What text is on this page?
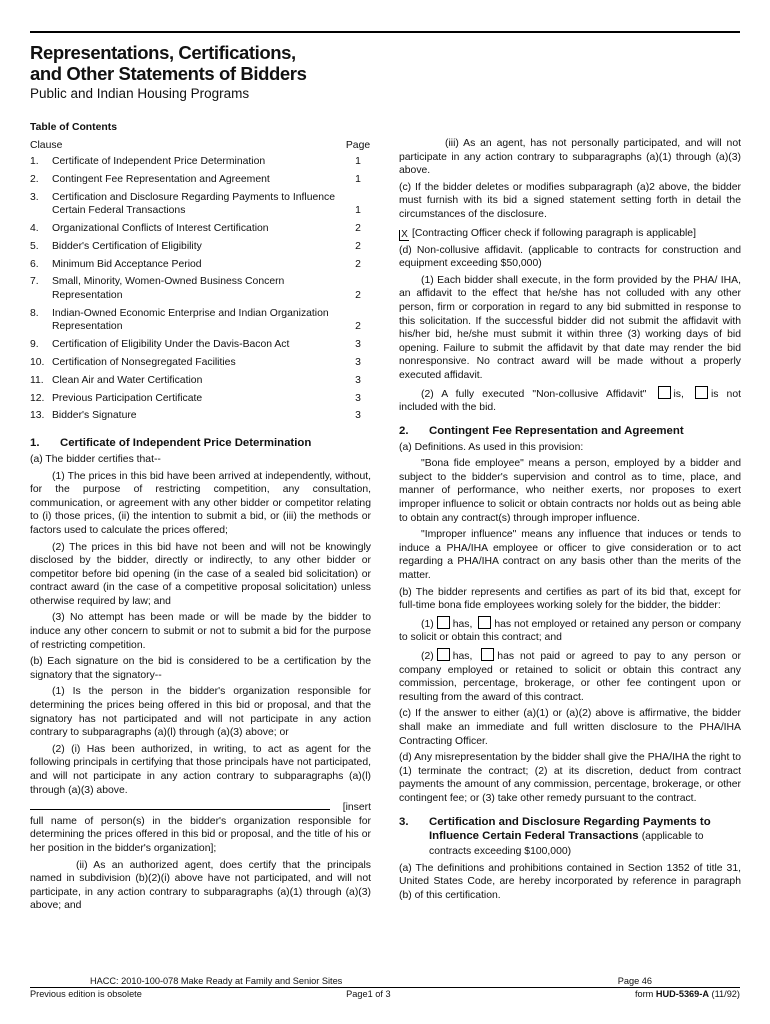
Representations, Certifications,
and Other Statements of Bidders
Public and Indian Housing Programs
Table of Contents
Clause	Page
1.	Certificate of Independent Price Determination	1
2.	Contingent Fee Representation and Agreement	1
3.	Certification and Disclosure Regarding Payments to Influence Certain Federal Transactions	1
4.	Organizational Conflicts of Interest Certification	2
5.	Bidder's Certification of Eligibility	2
6.	Minimum Bid Acceptance Period	2
7.	Small, Minority, Women-Owned Business Concern Representation	2
8.	Indian-Owned Economic Enterprise and Indian Organization Representation	2
9.	Certification of Eligibility Under the Davis-Bacon Act	3
10. Certification of Nonsegregated Facilities	3
11. Clean Air and Water Certification	3
12. Previous Participation Certificate	3
13. Bidder's Signature	3
1.	Certificate of Independent Price Determination

(a) The bidder certifies that--

(1) The prices in this bid have been arrived at independently, without, for the purpose of restricting competition, any consultation, communication, or agreement with any other bidder or competitor relating to (i) those prices, (ii) the intention to submit a bid, or (iii) the methods or factors used to calculate the prices offered;

(2) The prices in this bid have not been and will not be knowingly disclosed by the bidder, directly or indirectly, to any other bidder or competitor before bid opening (in the case of a sealed bid solicitation) or contract award (in the case of a competitive proposal solicitation) unless otherwise required by law; and

(3) No attempt has been made or will be made by the bidder to induce any other concern to submit or not to submit a bid for the purpose of restricting competition.

(b) Each signature on the bid is considered to be a certification by the signatory that the signatory--

(1) Is the person in the bidder's organization responsible for determining the prices being offered in this bid or proposal, and that the signatory has not participated and will not participate in any action contrary to subparagraphs (a)(l) through (a)(3) above; or

(2) (i) Has been authorized, in writing, to act as agent for the following principals in certifying that those principals have not participated, and will not participate in any action contrary to subparagraphs (a)(l) through (a)(3) above.

[insert full name of person(s) in the bidder's organization responsible for determining the prices offered in this bid or proposal, and the title of his or her position in the bidder's organization];

(ii) As an authorized agent, does certify that the principals named in subdivision (b)(2)(i) above have not participated, and will not participate, in any action contrary to subparagraphs (a)(1) through (a)(3) above; and

(iii) As an agent, has not personally participated, and will not participate in any action contrary to subparagraphs (a)(1) through (a)(3) above.

(c) If the bidder deletes or modifies subparagraph (a)2 above, the bidder must furnish with its bid a signed statement setting forth in detail the circumstances of the disclosure.

X [Contracting Officer check if following paragraph is applicable]

(d) Non-collusive affidavit. (applicable to contracts for construction and equipment exceeding $50,000)

(1) Each bidder shall execute, in the form provided by the PHA/ IHA, an affidavit to the effect that he/she has not colluded with any other person, firm or corporation in regard to any bid submitted in response to this solicitation. If the successful bidder did not submit the affidavit with his/her bid, he/she must submit it within three (3) working days of bid opening. Failure to submit the affidavit by that date may render the bid nonresponsive. No contract award will be made without a properly executed affidavit.

(2) A fully executed "Non-collusive Affidavit"	is,	is not included with the bid.

2.	Contingent Fee Representation and Agreement

(a) Definitions. As used in this provision:

"Bona fide employee" means a person, employed by a bidder and subject to the bidder's supervision and control as to time, place, and manner of performance, who neither exerts, nor proposes to exert improper influence to solicit or obtain contracts nor holds out as being able to obtain any contract(s) through improper influence.

"Improper influence" means any influence that induces or tends to induce a PHA/IHA employee or officer to give consideration or to act regarding a PHA/IHA contract on any basis other than the merits of the matter.

(b) The bidder represents and certifies as part of its bid that, except for full-time bona fide employees working solely for the bidder, the bidder:

(1) has, has not employed or retained any person or company to solicit or obtain this contract; and

(2) has, has not paid or agreed to pay to any person or company employed or retained to solicit or obtain this contract any commission, percentage, brokerage, or other fee contingent upon or resulting from the award of this contract.

(c) If the answer to either (a)(1) or (a)(2) above is affirmative, the bidder shall make an immediate and full written disclosure to the PHA/IHA Contracting Officer.

(d) Any misrepresentation by the bidder shall give the PHA/IHA the right to (1) terminate the contract; (2) at its discretion, deduct from contract payments the amount of any commission, percentage, brokerage, or other contingent fee; or (3) take other remedy pursuant to the contract.

3.	Certification and Disclosure Regarding Payments to Influence Certain Federal Transactions (applicable to contracts exceeding $100,000)

(a) The definitions and prohibitions contained in Section 1352 of title 31, United States Code, are hereby incorporated by reference in paragraph (b) of this certification.

HACC: 2010-100-078 Make Ready at Family and Senior Sites	Page 46
Previous edition is obsolete	Page1 of 3	form HUD-5369-A (11/92)
